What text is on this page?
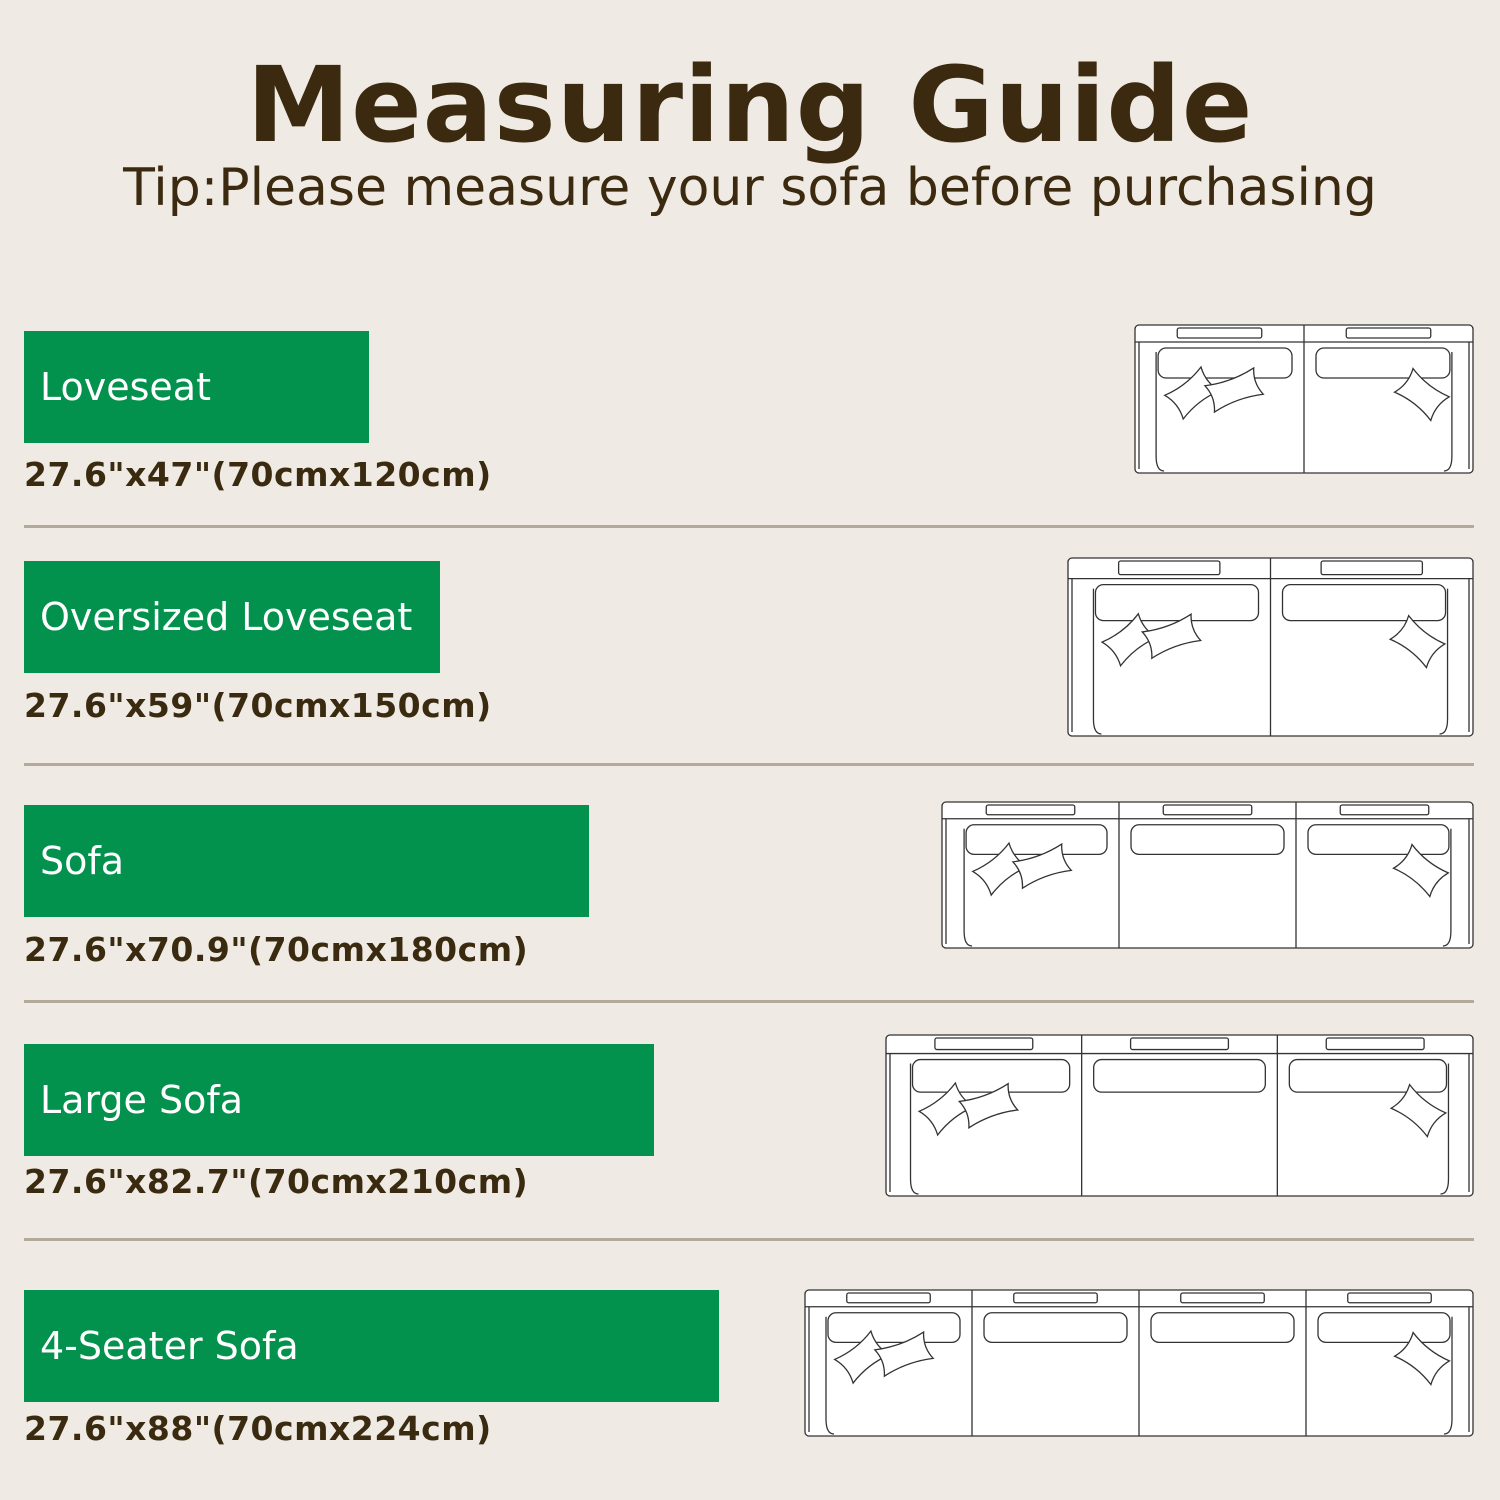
Measuring Guide
Tip:Please measure your sofa before purchasing
Loveseat
27.6"x47"(70cmx120cm)
Oversized Loveseat
27.6"x59"(70cmx150cm)
Sofa
27.6"x70.9"(70cmx180cm)
Large Sofa
27.6"x82.7"(70cmx210cm)
4-Seater Sofa
27.6"x88"(70cmx224cm)
